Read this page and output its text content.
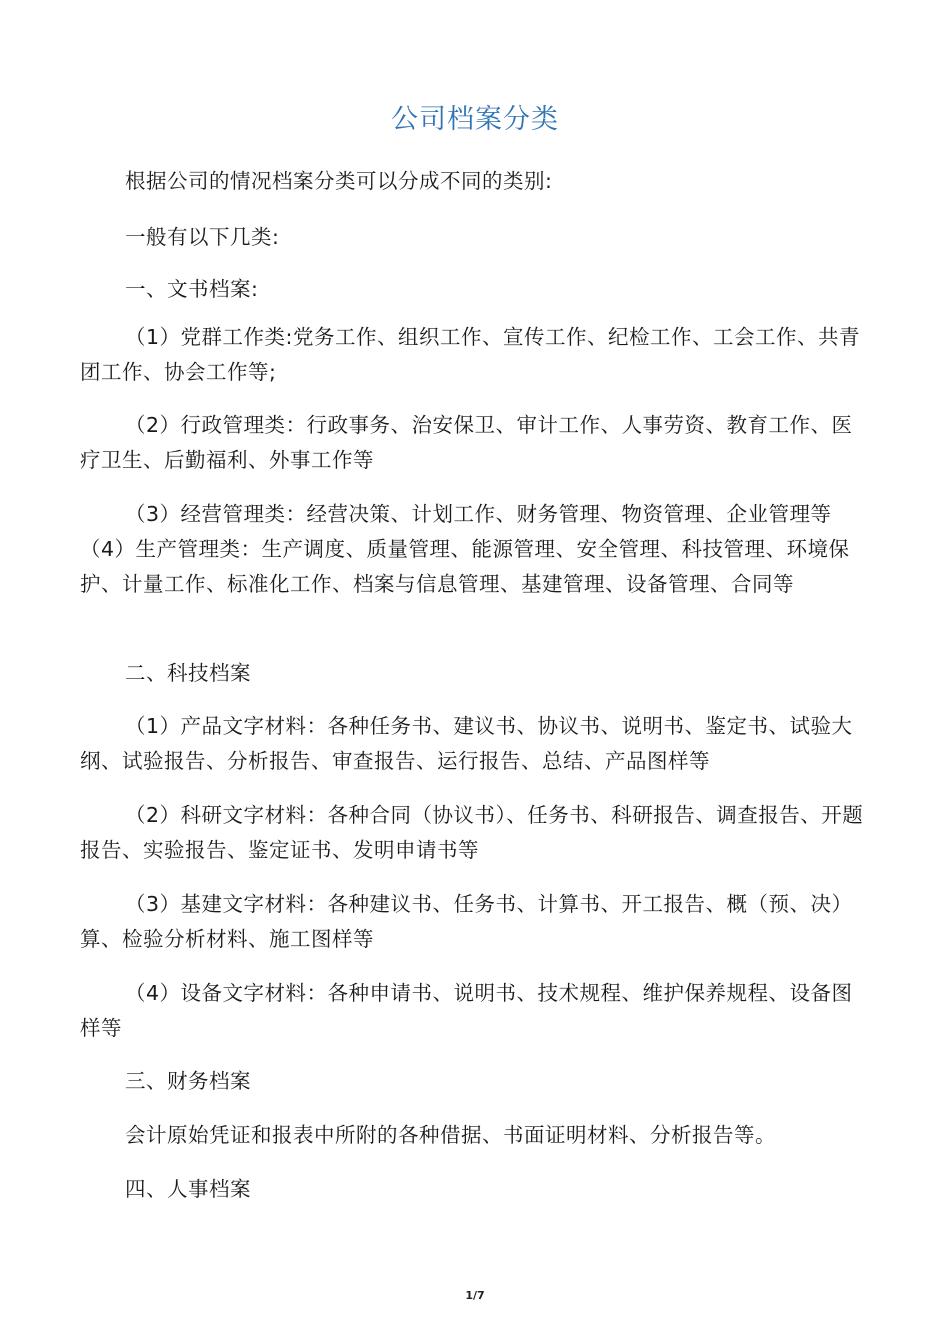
公司档案分类

根据公司的情况档案分类可以分成不同的类别:

一般有以下几类:

一、文书档案:

（1）党群工作类:党务工作、组织工作、宣传工作、纪检工作、工会工作、共青团工作、协会工作等;

（2）行政管理类：行政事务、治安保卫、审计工作、人事劳资、教育工作、医疗卫生、后勤福利、外事工作等

（3）经营管理类：经营决策、计划工作、财务管理、物资管理、企业管理等（4）生产管理类：生产调度、质量管理、能源管理、安全管理、科技管理、环境保护、计量工作、标准化工作、档案与信息管理、基建管理、设备管理、合同等

二、科技档案

（1）产品文字材料：各种任务书、建议书、协议书、说明书、鉴定书、试验大纲、试验报告、分析报告、审查报告、运行报告、总结、产品图样等

（2）科研文字材料：各种合同（协议书）、任务书、科研报告、调查报告、开题报告、实验报告、鉴定证书、发明申请书等

（3）基建文字材料：各种建议书、任务书、计算书、开工报告、概（预、决）算、检验分析材料、施工图样等

（4）设备文字材料：各种申请书、说明书、技术规程、维护保养规程、设备图样等

三、财务档案

会计原始凭证和报表中所附的各种借据、书面证明材料、分析报告等。

四、人事档案

1/7
